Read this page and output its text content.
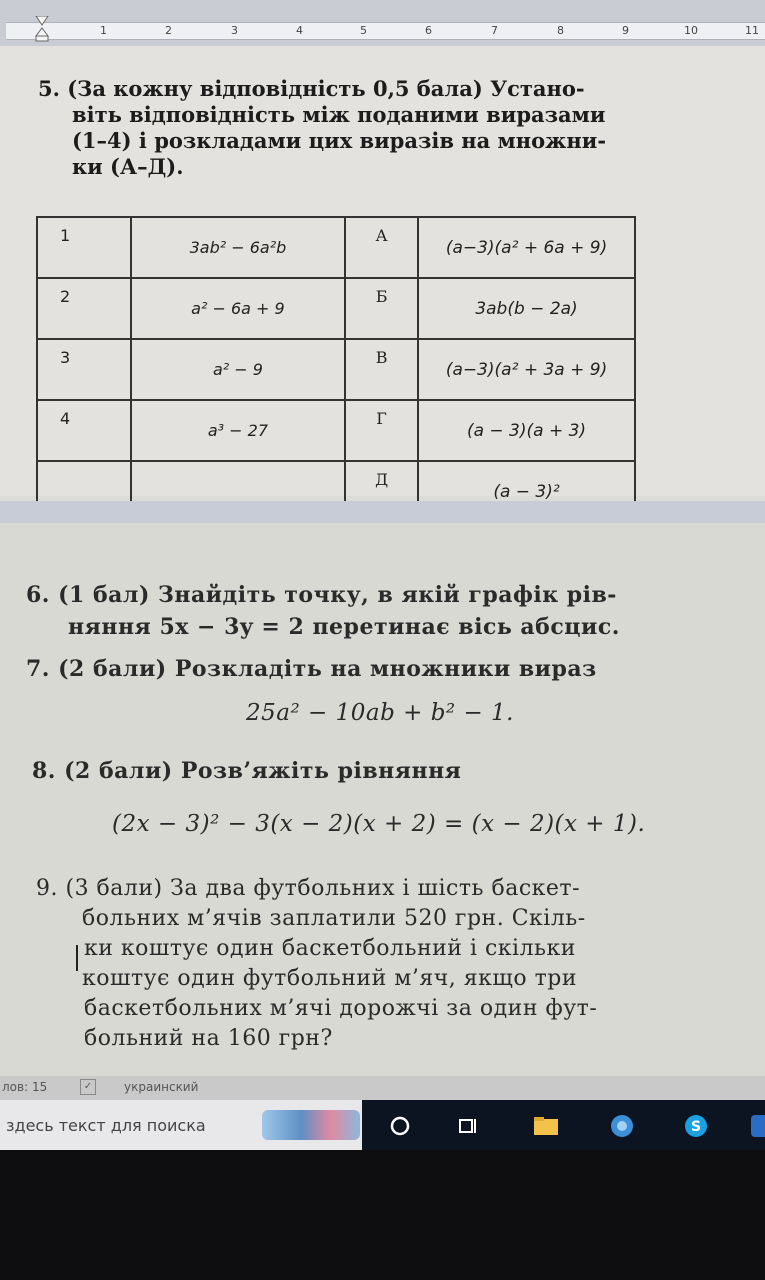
1	2	3	4	5	6	7	8	9	10	11
5. (За кожну відповідність 0,5 бала) Устано-
віть відповідність між поданими виразами
(1–4) і розкладами цих виразів на множни-
ки (А–Д).
1	3ab² − 6a²b	А	(a−3)(a² + 6a + 9)
2	a² − 6a + 9	Б	3ab(b − 2a)
3	a² − 9	В	(a−3)(a² + 3a + 9)
4	a³ − 27	Г	(a − 3)(a + 3)
		Д	(a − 3)²
6. (1 бал) Знайдіть точку, в якій графік рів-
няння 5x − 3y = 2 перетинає вісь абсцис.
7. (2 бали) Розкладіть на множники вираз
25a² − 10ab + b² − 1.
8. (2 бали) Розв’яжіть рівняння
(2x − 3)² − 3(x − 2)(x + 2) = (x − 2)(x + 1).
9. (3 бали) За два футбольних і шість баскет-
больних м’ячів заплатили 520 грн. Скіль-
ки коштує один баскетбольний і скільки
коштує один футбольний м’яч, якщо три
баскетбольних м’ячі дорожчі за один фут-
больний на 160 грн?
лов: 15	✓	украинский
здесь текст для поиска	S
